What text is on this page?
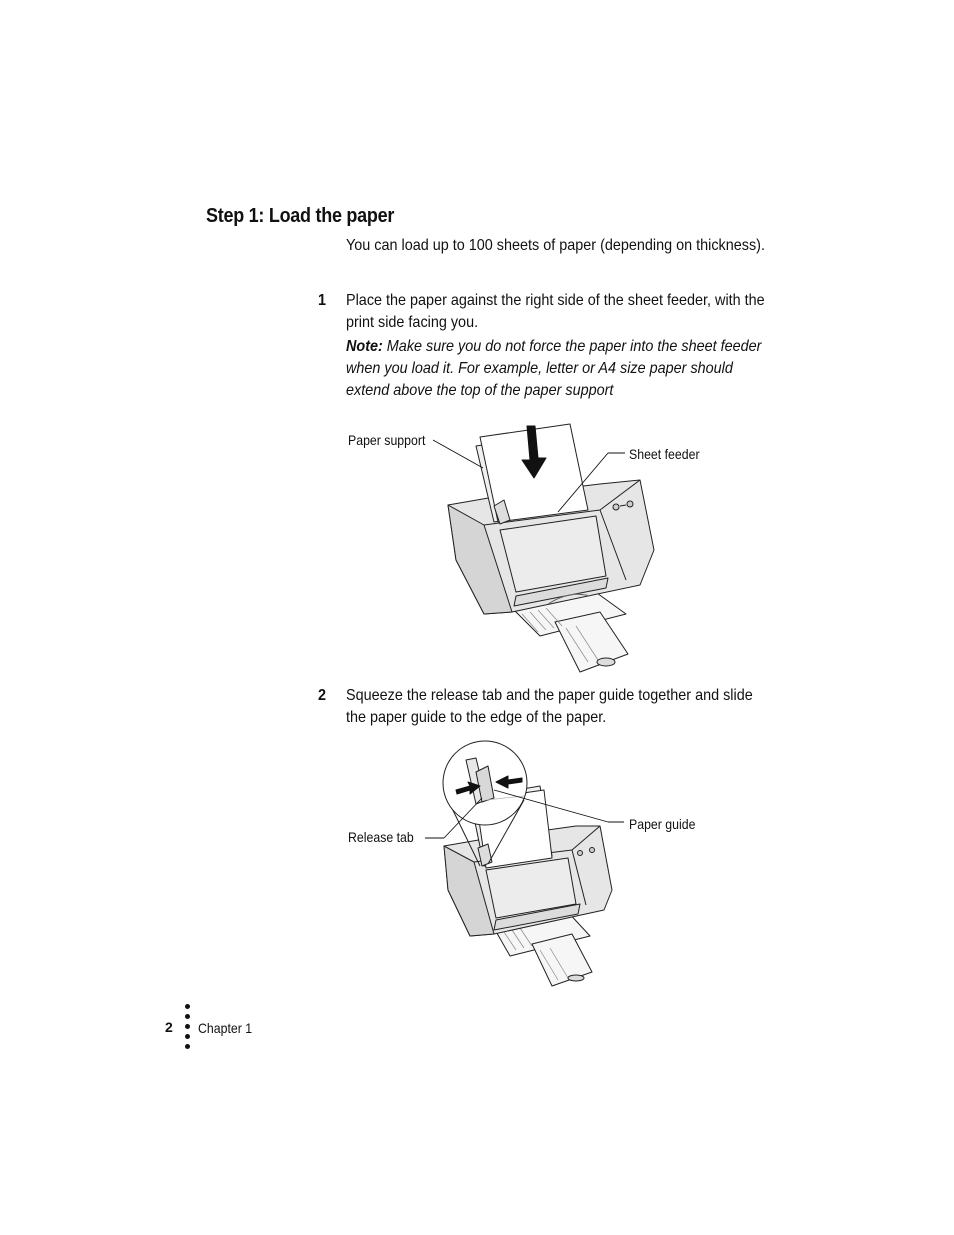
Step 1: Load the paper

You can load up to 100 sheets of paper (depending on thickness).

1 Place the paper against the right side of the sheet feeder, with the print side facing you.

Note: Make sure you do not force the paper into the sheet feeder when you load it. For example, letter or A4 size paper should extend above the top of the paper support

Paper support
Sheet feeder
2 Squeeze the release tab and the paper guide together and slide the paper guide to the edge of the paper.

Release tab
Paper guide
2 Chapter 1
